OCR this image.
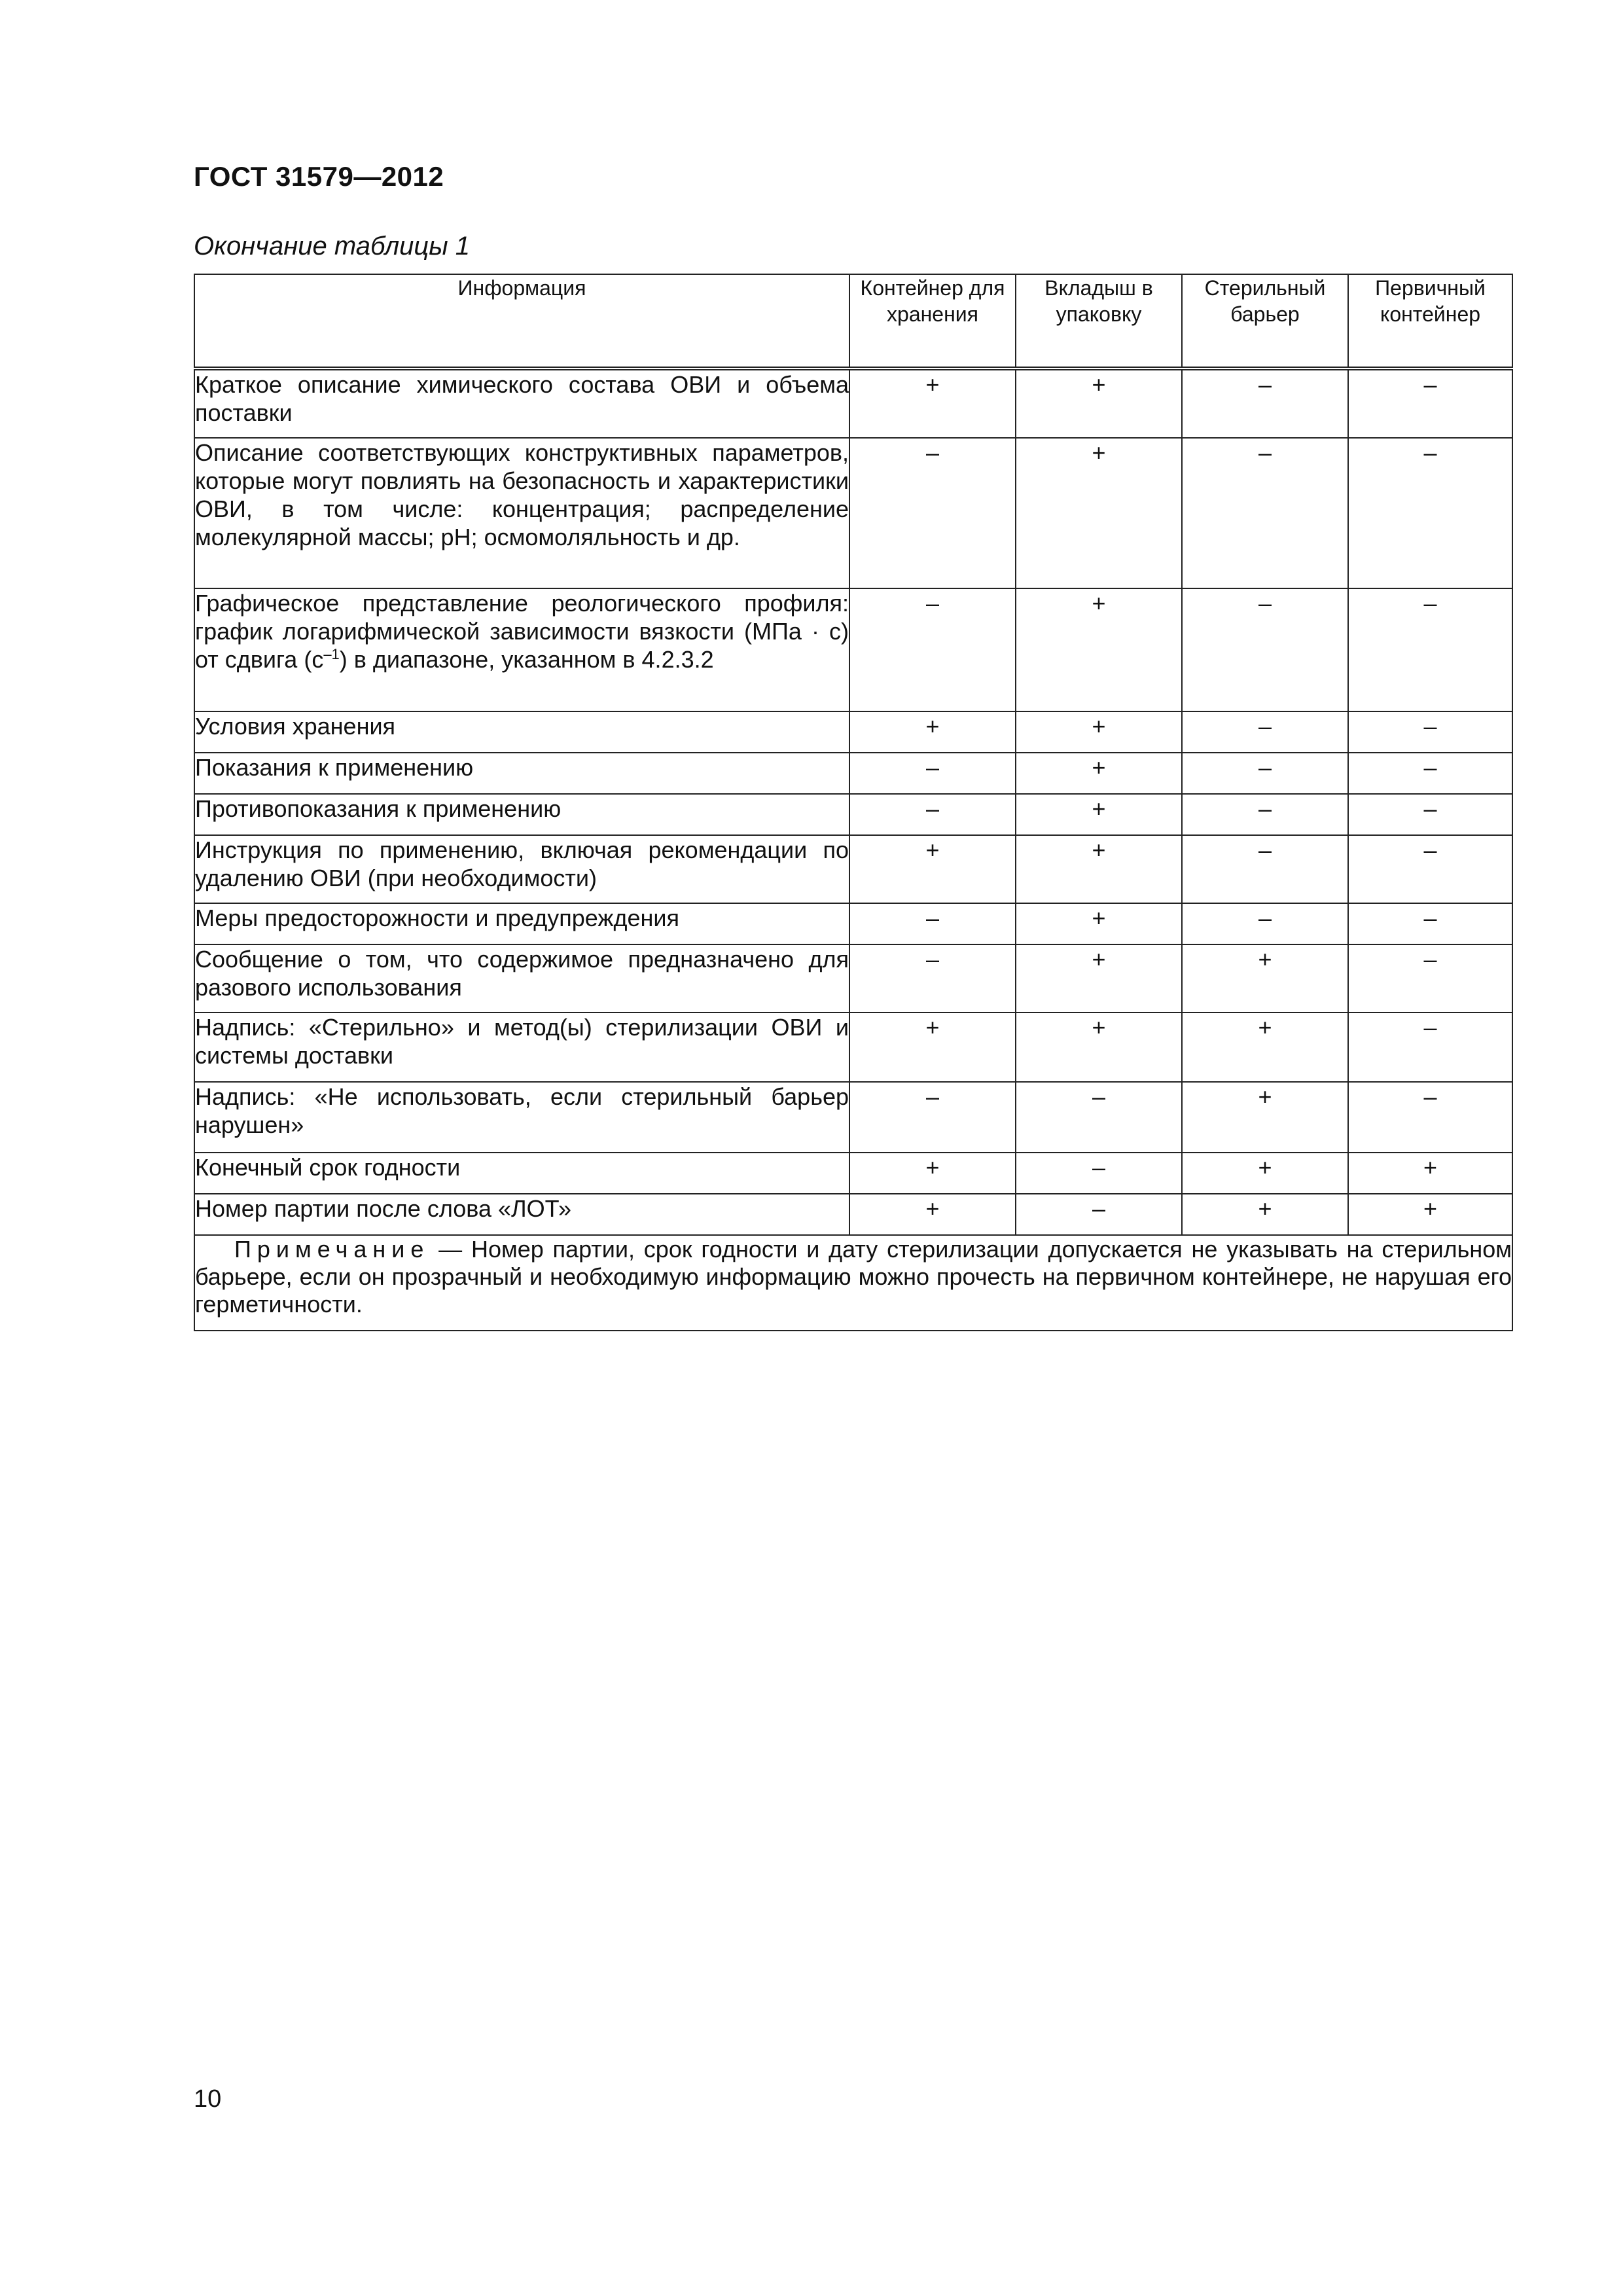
ГОСТ 31579—2012
Окончание таблицы 1
Информация	Контейнер для хранения	Вкладыш в упаковку	Стерильный барьер	Первичный контейнер
Краткое описание химического состава ОВИ и объема поставки	+	+	–	–
Описание соответствующих конструктивных параметров, которые могут повлиять на безопасность и характеристики ОВИ, в том числе: концентрация; распределение молекулярной массы; pH; осмомоляльность и др.	–	+	–	–
Графическое представление реологического профиля: график логарифмической зависимости вязкости (МПа · с) от сдвига $(с^{-1})$ в диапазоне, указанном в 4.2.3.2	–	+	–	–
Условия хранения	+	+	–	–
Показания к применению	–	+	–	–
Противопоказания к применению	–	+	–	–
Инструкция по применению, включая рекомендации по удалению ОВИ (при необходимости)	+	+	–	–
Меры предосторожности и предупреждения	–	+	–	–
Сообщение о том, что содержимое предназначено для разового использования	–	+	+	–
Надпись: «Стерильно» и метод(ы) стерилизации ОВИ и системы доставки	+	+	+	–
Надпись: «Не использовать, если стерильный барьер нарушен»	–	–	+	–
Конечный срок годности	+	–	+	+
Номер партии после слова «ЛОТ»	+	–	+	+
Примечание — Номер партии, срок годности и дату стерилизации допускается не указывать на стерильном барьере, если он прозрачный и необходимую информацию можно прочесть на первичном контейнере, не нарушая его герметичности.				
10
